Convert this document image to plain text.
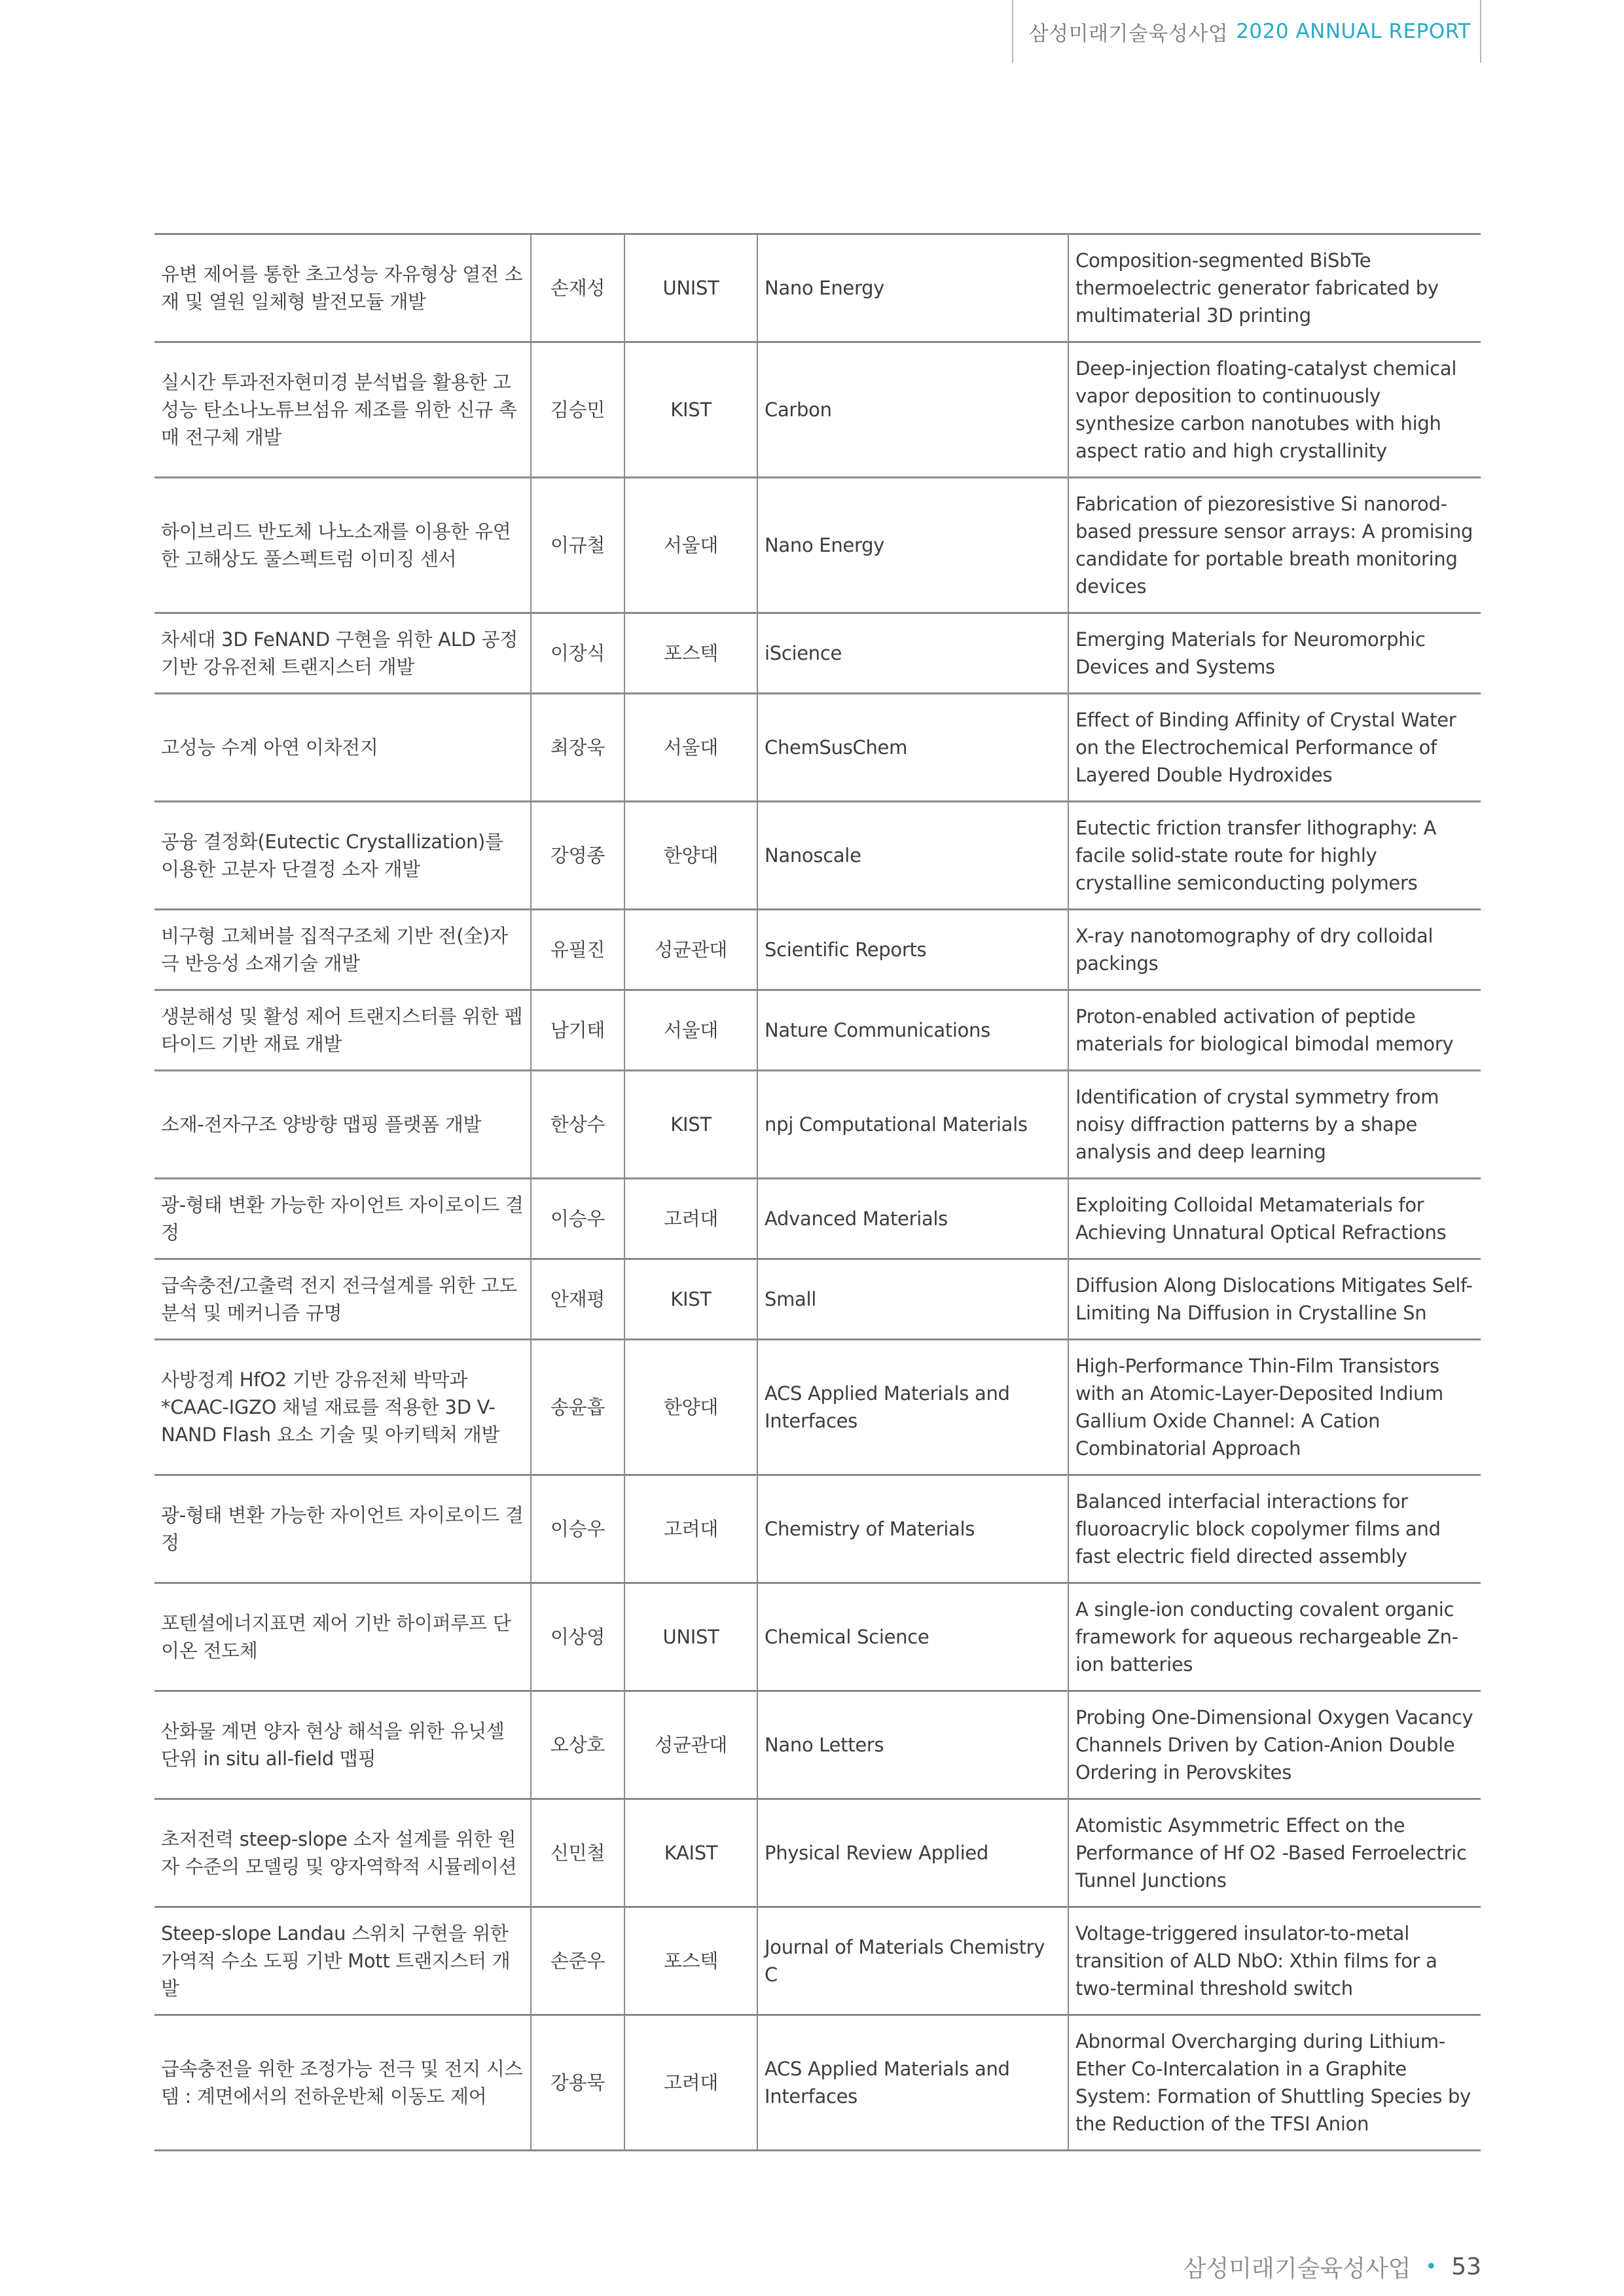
삼성미래기술육성사업 2020 ANNUAL REPORT
유변 제어를 통한 초고성능 자유형상 열전 소재 및 열원 일체형 발전모듈 개발	손재성	UNIST	Nano Energy	Composition-segmented BiSbTe thermoelectric generator fabricated by multimaterial 3D printing
실시간 투과전자현미경 분석법을 활용한 고성능 탄소나노튜브섬유 제조를 위한 신규 촉매 전구체 개발	김승민	KIST	Carbon	Deep-injection floating-catalyst chemical vapor deposition to continuously synthesize carbon nanotubes with high aspect ratio and high crystallinity
하이브리드 반도체 나노소재를 이용한 유연한 고해상도 풀스펙트럼 이미징 센서	이규철	서울대	Nano Energy	Fabrication of piezoresistive Si nanorod-based pressure sensor arrays: A promising candidate for portable breath monitoring devices
차세대 3D FeNAND 구현을 위한 ALD 공정 기반 강유전체 트랜지스터 개발	이장식	포스텍	iScience	Emerging Materials for Neuromorphic Devices and Systems
고성능 수계 아연 이차전지	최장욱	서울대	ChemSusChem	Effect of Binding Affinity of Crystal Water on the Electrochemical Performance of Layered Double Hydroxides
공융 결정화(Eutectic Crystallization)를 이용한 고분자 단결정 소자 개발	강영종	한양대	Nanoscale	Eutectic friction transfer lithography: A facile solid-state route for highly crystalline semiconducting polymers
비구형 고체버블 집적구조체 기반 전(全)자극 반응성 소재기술 개발	유필진	성균관대	Scientific Reports	X-ray nanotomography of dry colloidal packings
생분해성 및 활성 제어 트랜지스터를 위한 펩타이드 기반 재료 개발	남기태	서울대	Nature Communications	Proton-enabled activation of peptide materials for biological bimodal memory
소재-전자구조 양방향 맵핑 플랫폼 개발	한상수	KIST	npj Computational Materials	Identification of crystal symmetry from noisy diffraction patterns by a shape analysis and deep learning
광-형태 변환 가능한 자이언트 자이로이드 결정	이승우	고려대	Advanced Materials	Exploiting Colloidal Metamaterials for Achieving Unnatural Optical Refractions
급속충전/고출력 전지 전극설계를 위한 고도분석 및 메커니즘 규명	안재평	KIST	Small	Diffusion Along Dislocations Mitigates Self-Limiting Na Diffusion in Crystalline Sn
사방정계 HfO2 기반 강유전체 박막과 *CAAC-IGZO 채널 재료를 적용한 3D V-NAND Flash 요소 기술 및 아키텍처 개발	송윤흡	한양대	ACS Applied Materials and Interfaces	High-Performance Thin-Film Transistors with an Atomic-Layer-Deposited Indium Gallium Oxide Channel: A Cation Combinatorial Approach
광-형태 변환 가능한 자이언트 자이로이드 결정	이승우	고려대	Chemistry of Materials	Balanced interfacial interactions for fluoroacrylic block copolymer films and fast electric field directed assembly
포텐셜에너지표면 제어 기반 하이퍼루프 단이온 전도체	이상영	UNIST	Chemical Science	A single-ion conducting covalent organic framework for aqueous rechargeable Zn-ion batteries
산화물 계면 양자 현상 해석을 위한 유닛셀 단위 in situ all-field 맵핑	오상호	성균관대	Nano Letters	Probing One-Dimensional Oxygen Vacancy Channels Driven by Cation-Anion Double Ordering in Perovskites
초저전력 steep-slope 소자 설계를 위한 원자 수준의 모델링 및 양자역학적 시뮬레이션	신민철	KAIST	Physical Review Applied	Atomistic Asymmetric Effect on the Performance of Hf O2 -Based Ferroelectric Tunnel Junctions
Steep-slope Landau 스위치 구현을 위한 가역적 수소 도핑 기반 Mott 트랜지스터 개발	손준우	포스텍	Journal of Materials Chemistry C	Voltage-triggered insulator-to-metal transition of ALD NbO: Xthin films for a two-terminal threshold switch
급속충전을 위한 조정가능 전극 및 전지 시스템 : 계면에서의 전하운반체 이동도 제어	강용묵	고려대	ACS Applied Materials and Interfaces	Abnormal Overcharging during Lithium-Ether Co-Intercalation in a Graphite System: Formation of Shuttling Species by the Reduction of the TFSI Anion
삼성미래기술육성사업 • 53
